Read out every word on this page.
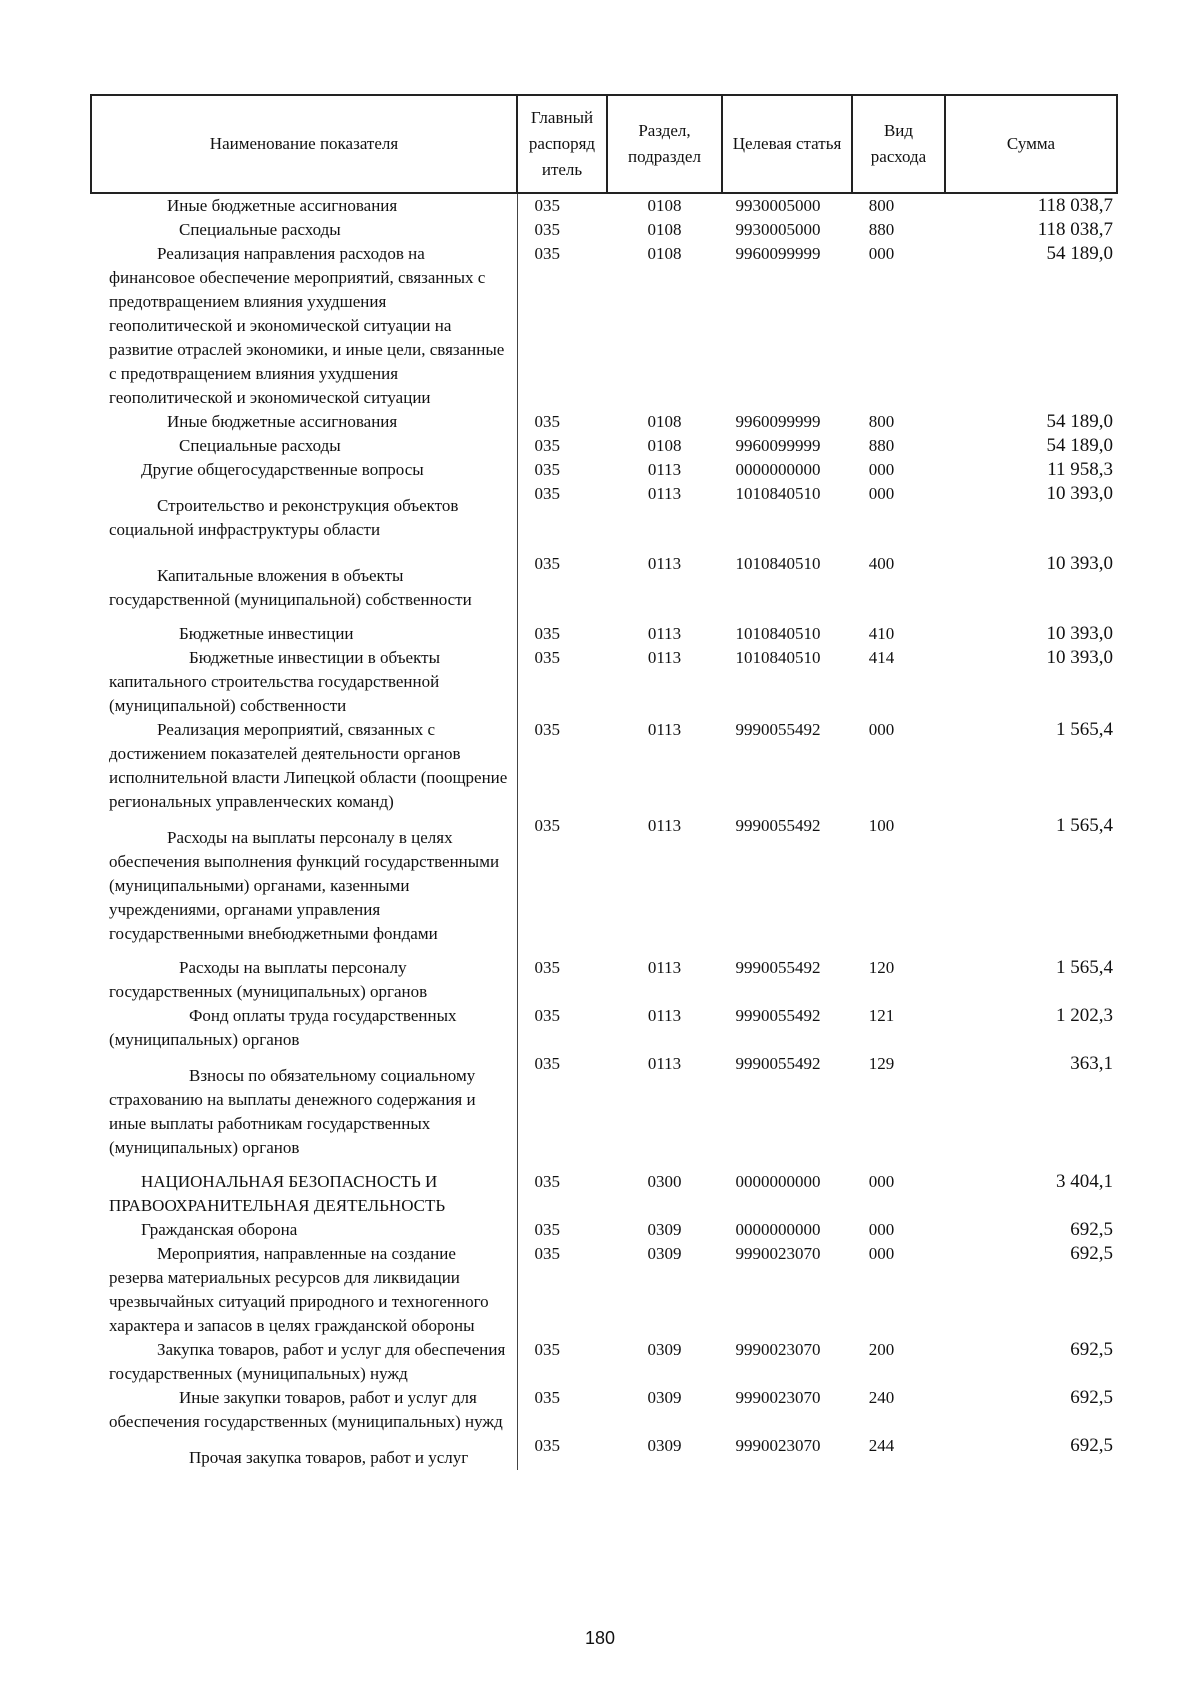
Наименование показателя	Главный распоряд итель	Раздел, подраздел	Целевая статья	Вид расхода	Сумма
Иные бюджетные ассигнования	035	0108	9930005000	800	118 038,7
Специальные расходы	035	0108	9930005000	880	118 038,7
Реализация направления расходов на финансовое обеспечение мероприятий, связанных с предотвращением влияния ухудшения геополитической и экономической ситуации на развитие отраслей экономики, и иные цели, связанные с предотвращением влияния ухудшения геополитической и экономической ситуации	035	0108	9960099999	000	54 189,0
Иные бюджетные ассигнования	035	0108	9960099999	800	54 189,0
Специальные расходы	035	0108	9960099999	880	54 189,0
Другие общегосударственные вопросы	035	0113	0000000000	000	11 958,3
Строительство и реконструкция объектов социальной инфраструктуры области	035	0113	1010840510	000	10 393,0
Капитальные вложения в объекты государственной (муниципальной) собственности	035	0113	1010840510	400	10 393,0
Бюджетные инвестиции	035	0113	1010840510	410	10 393,0
Бюджетные инвестиции в объекты капитального строительства государственной (муниципальной) собственности	035	0113	1010840510	414	10 393,0
Реализация мероприятий, связанных с достижением показателей деятельности органов исполнительной власти Липецкой области (поощрение региональных управленческих команд)	035	0113	9990055492	000	1 565,4
Расходы на выплаты персоналу в целях обеспечения выполнения функций государственными (муниципальными) органами, казенными учреждениями, органами управления государственными внебюджетными фондами	035	0113	9990055492	100	1 565,4
Расходы на выплаты персоналу государственных (муниципальных) органов	035	0113	9990055492	120	1 565,4
Фонд оплаты труда государственных (муниципальных) органов	035	0113	9990055492	121	1 202,3
Взносы по обязательному социальному страхованию на выплаты денежного содержания и иные выплаты работникам государственных (муниципальных) органов	035	0113	9990055492	129	363,1
НАЦИОНАЛЬНАЯ БЕЗОПАСНОСТЬ И ПРАВООХРАНИТЕЛЬНАЯ ДЕЯТЕЛЬНОСТЬ	035	0300	0000000000	000	3 404,1
Гражданская оборона	035	0309	0000000000	000	692,5
Мероприятия, направленные на создание резерва материальных ресурсов для ликвидации чрезвычайных ситуаций природного и техногенного характера и запасов в целях гражданской обороны	035	0309	9990023070	000	692,5
Закупка товаров, работ и услуг для обеспечения государственных (муниципальных) нужд	035	0309	9990023070	200	692,5
Иные закупки товаров, работ и услуг для обеспечения государственных (муниципальных) нужд	035	0309	9990023070	240	692,5
Прочая закупка товаров, работ и услуг	035	0309	9990023070	244	692,5
180
